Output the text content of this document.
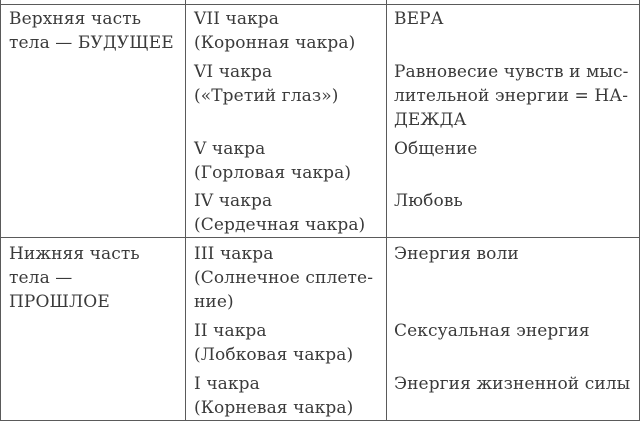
Верхняя часть
тела — БУДУЩЕЕ
VII чакра
(Коронная чакра)
VI чакра
(«Третий глаз»)
V чакра
(Горловая чакра)
IV чакра
(Сердечная чакра)
ВЕРА
Равновесие чувств и мыс-
лительной энергии = НА-
ДЕЖДА
Общение
Любовь
Нижняя часть
тела —
ПРОШЛОЕ
III чакра
(Солнечное сплете-
ние)
II чакра
(Лобковая чакра)
I чакра
(Корневая чакра)
Энергия воли
Сексуальная энергия
Энергия жизненной силы
